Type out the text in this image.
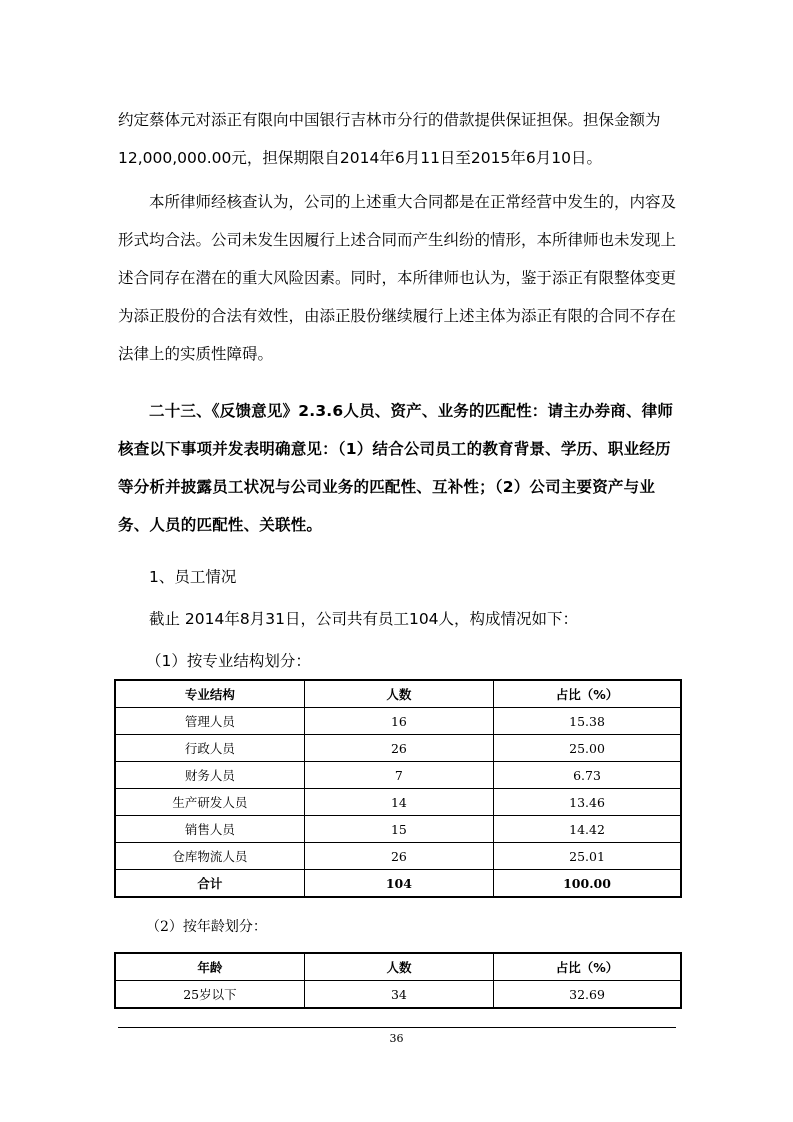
约定蔡体元对添正有限向中国银行吉林市分行的借款提供保证担保。担保金额为12,000,000.00元，担保期限自2014年6月11日至2015年6月10日。

本所律师经核查认为，公司的上述重大合同都是在正常经营中发生的，内容及形式均合法。公司未发生因履行上述合同而产生纠纷的情形，本所律师也未发现上述合同存在潜在的重大风险因素。同时，本所律师也认为，鉴于添正有限整体变更为添正股份的合法有效性，由添正股份继续履行上述主体为添正有限的合同不存在法律上的实质性障碍。

二十三、《反馈意见》2.3.6人员、资产、业务的匹配性：请主办券商、律师核查以下事项并发表明确意见：（1）结合公司员工的教育背景、学历、职业经历等分析并披露员工状况与公司业务的匹配性、互补性；（2）公司主要资产与业务、人员的匹配性、关联性。

1、员工情况
截止 2014年8月31日，公司共有员工104人，构成情况如下：
（1）按专业结构划分：
专业结构	人数	占比（%）
管理人员	16	15.38
行政人员	26	25.00
财务人员	7	6.73
生产研发人员	14	13.46
销售人员	15	14.42
仓库物流人员	26	25.01
合计	104	100.00
（2）按年龄划分：
年龄	人数	占比（%）
25岁以下	34	32.69
36
